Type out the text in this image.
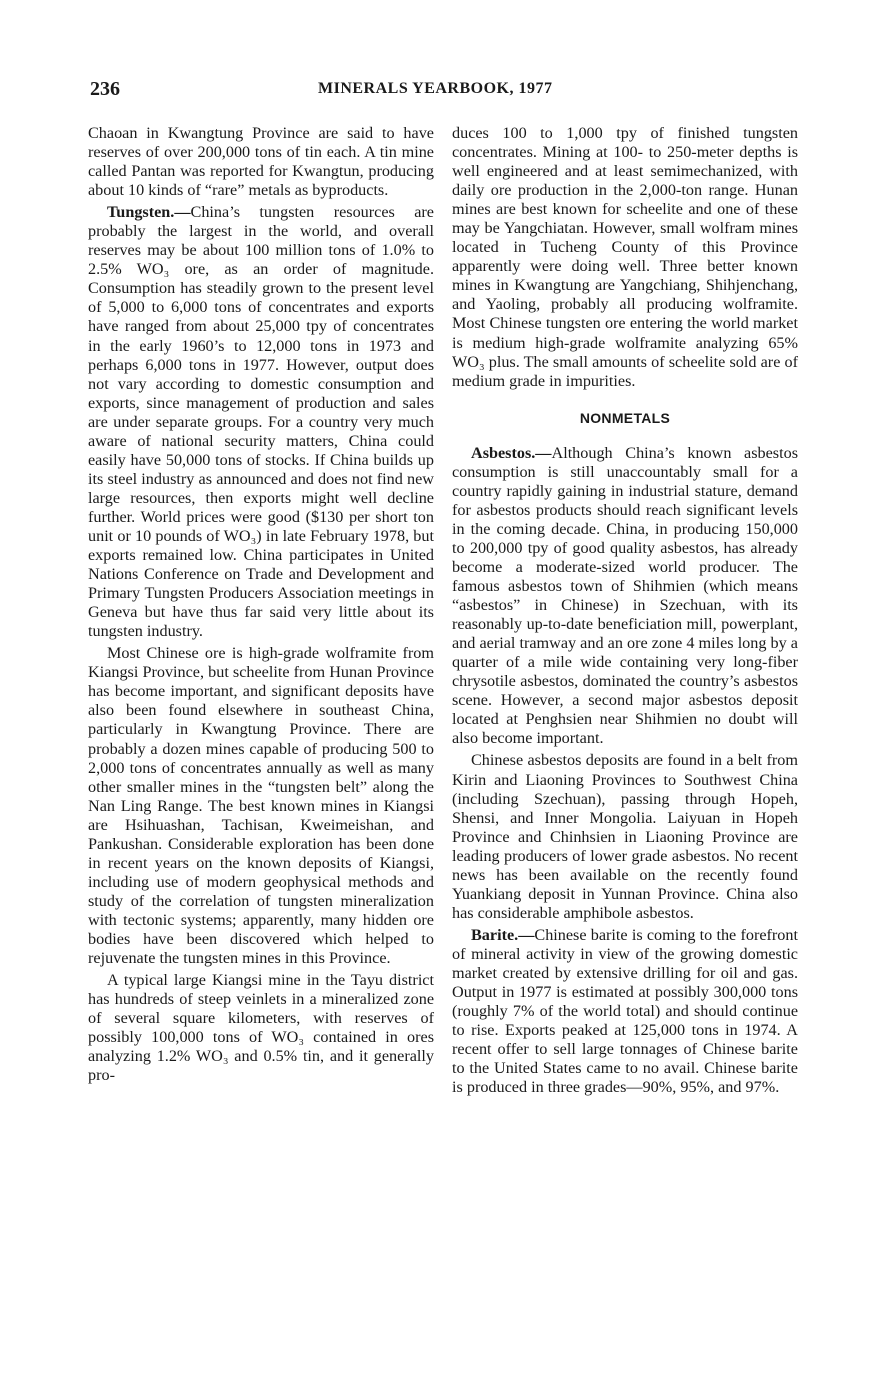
236	MINERALS YEARBOOK, 1977

Chaoan in Kwangtung Province are said to have reserves of over 200,000 tons of tin each. A tin mine called Pantan was reported for Kwangtun, producing about 10 kinds of “rare” metals as byproducts.

Tungsten.—China’s tungsten resources are probably the largest in the world, and overall reserves may be about 100 million tons of 1.0% to 2.5% WO₃ ore, as an order of magnitude. Consumption has steadily grown to the present level of 5,000 to 6,000 tons of concentrates and exports have ranged from about 25,000 tpy of concentrates in the early 1960’s to 12,000 tons in 1973 and perhaps 6,000 tons in 1977. However, output does not vary according to domestic consumption and exports, since management of production and sales are under separate groups. For a country very much aware of national security matters, China could easily have 50,000 tons of stocks. If China builds up its steel industry as announced and does not find new large resources, then exports might well decline further. World prices were good ($130 per short ton unit or 10 pounds of WO₃) in late February 1978, but exports remained low. China participates in United Nations Conference on Trade and Development and Primary Tungsten Producers Association meetings in Geneva but have thus far said very little about its tungsten industry.

Most Chinese ore is high-grade wolframite from Kiangsi Province, but scheelite from Hunan Province has become important, and significant deposits have also been found elsewhere in southeast China, particularly in Kwangtung Province. There are probably a dozen mines capable of producing 500 to 2,000 tons of concentrates annually as well as many other smaller mines in the “tungsten belt” along the Nan Ling Range. The best known mines in Kiangsi are Hsihuashan, Tachisan, Kweimeishan, and Pankushan. Considerable exploration has been done in recent years on the known deposits of Kiangsi, including use of modern geophysical methods and study of the correlation of tungsten mineralization with tectonic systems; apparently, many hidden ore bodies have been discovered which helped to rejuvenate the tungsten mines in this Province.

A typical large Kiangsi mine in the Tayu district has hundreds of steep veinlets in a mineralized zone of several square kilometers, with reserves of possibly 100,000 tons of WO₃ contained in ores analyzing 1.2% WO₃ and 0.5% tin, and it generally pro-

duces 100 to 1,000 tpy of finished tungsten concentrates. Mining at 100- to 250-meter depths is well engineered and at least semimechanized, with daily ore production in the 2,000-ton range. Hunan mines are best known for scheelite and one of these may be Yangchiatan. However, small wolfram mines located in Tucheng County of this Province apparently were doing well. Three better known mines in Kwangtung are Yangchiang, Shihjenchang, and Yaoling, probably all producing wolframite. Most Chinese tungsten ore entering the world market is medium high-grade wolframite analyzing 65% WO₃ plus. The small amounts of scheelite sold are of medium grade in impurities.

NONMETALS

Asbestos.—Although China’s known asbestos consumption is still unaccountably small for a country rapidly gaining in industrial stature, demand for asbestos products should reach significant levels in the coming decade. China, in producing 150,000 to 200,000 tpy of good quality asbestos, has already become a moderate-sized world producer. The famous asbestos town of Shihmien (which means “asbestos” in Chinese) in Szechuan, with its reasonably up-to-date beneficiation mill, powerplant, and aerial tramway and an ore zone 4 miles long by a quarter of a mile wide containing very long-fiber chrysotile asbestos, dominated the country’s asbestos scene. However, a second major asbestos deposit located at Penghsien near Shihmien no doubt will also become important.

Chinese asbestos deposits are found in a belt from Kirin and Liaoning Provinces to Southwest China (including Szechuan), passing through Hopeh, Shensi, and Inner Mongolia. Laiyuan in Hopeh Province and Chinhsien in Liaoning Province are leading producers of lower grade asbestos. No recent news has been available on the recently found Yuankiang deposit in Yunnan Province. China also has considerable amphibole asbestos.

Barite.—Chinese barite is coming to the forefront of mineral activity in view of the growing domestic market created by extensive drilling for oil and gas. Output in 1977 is estimated at possibly 300,000 tons (roughly 7% of the world total) and should continue to rise. Exports peaked at 125,000 tons in 1974. A recent offer to sell large tonnages of Chinese barite to the United States came to no avail. Chinese barite is produced in three grades—90%, 95%, and 97%.
